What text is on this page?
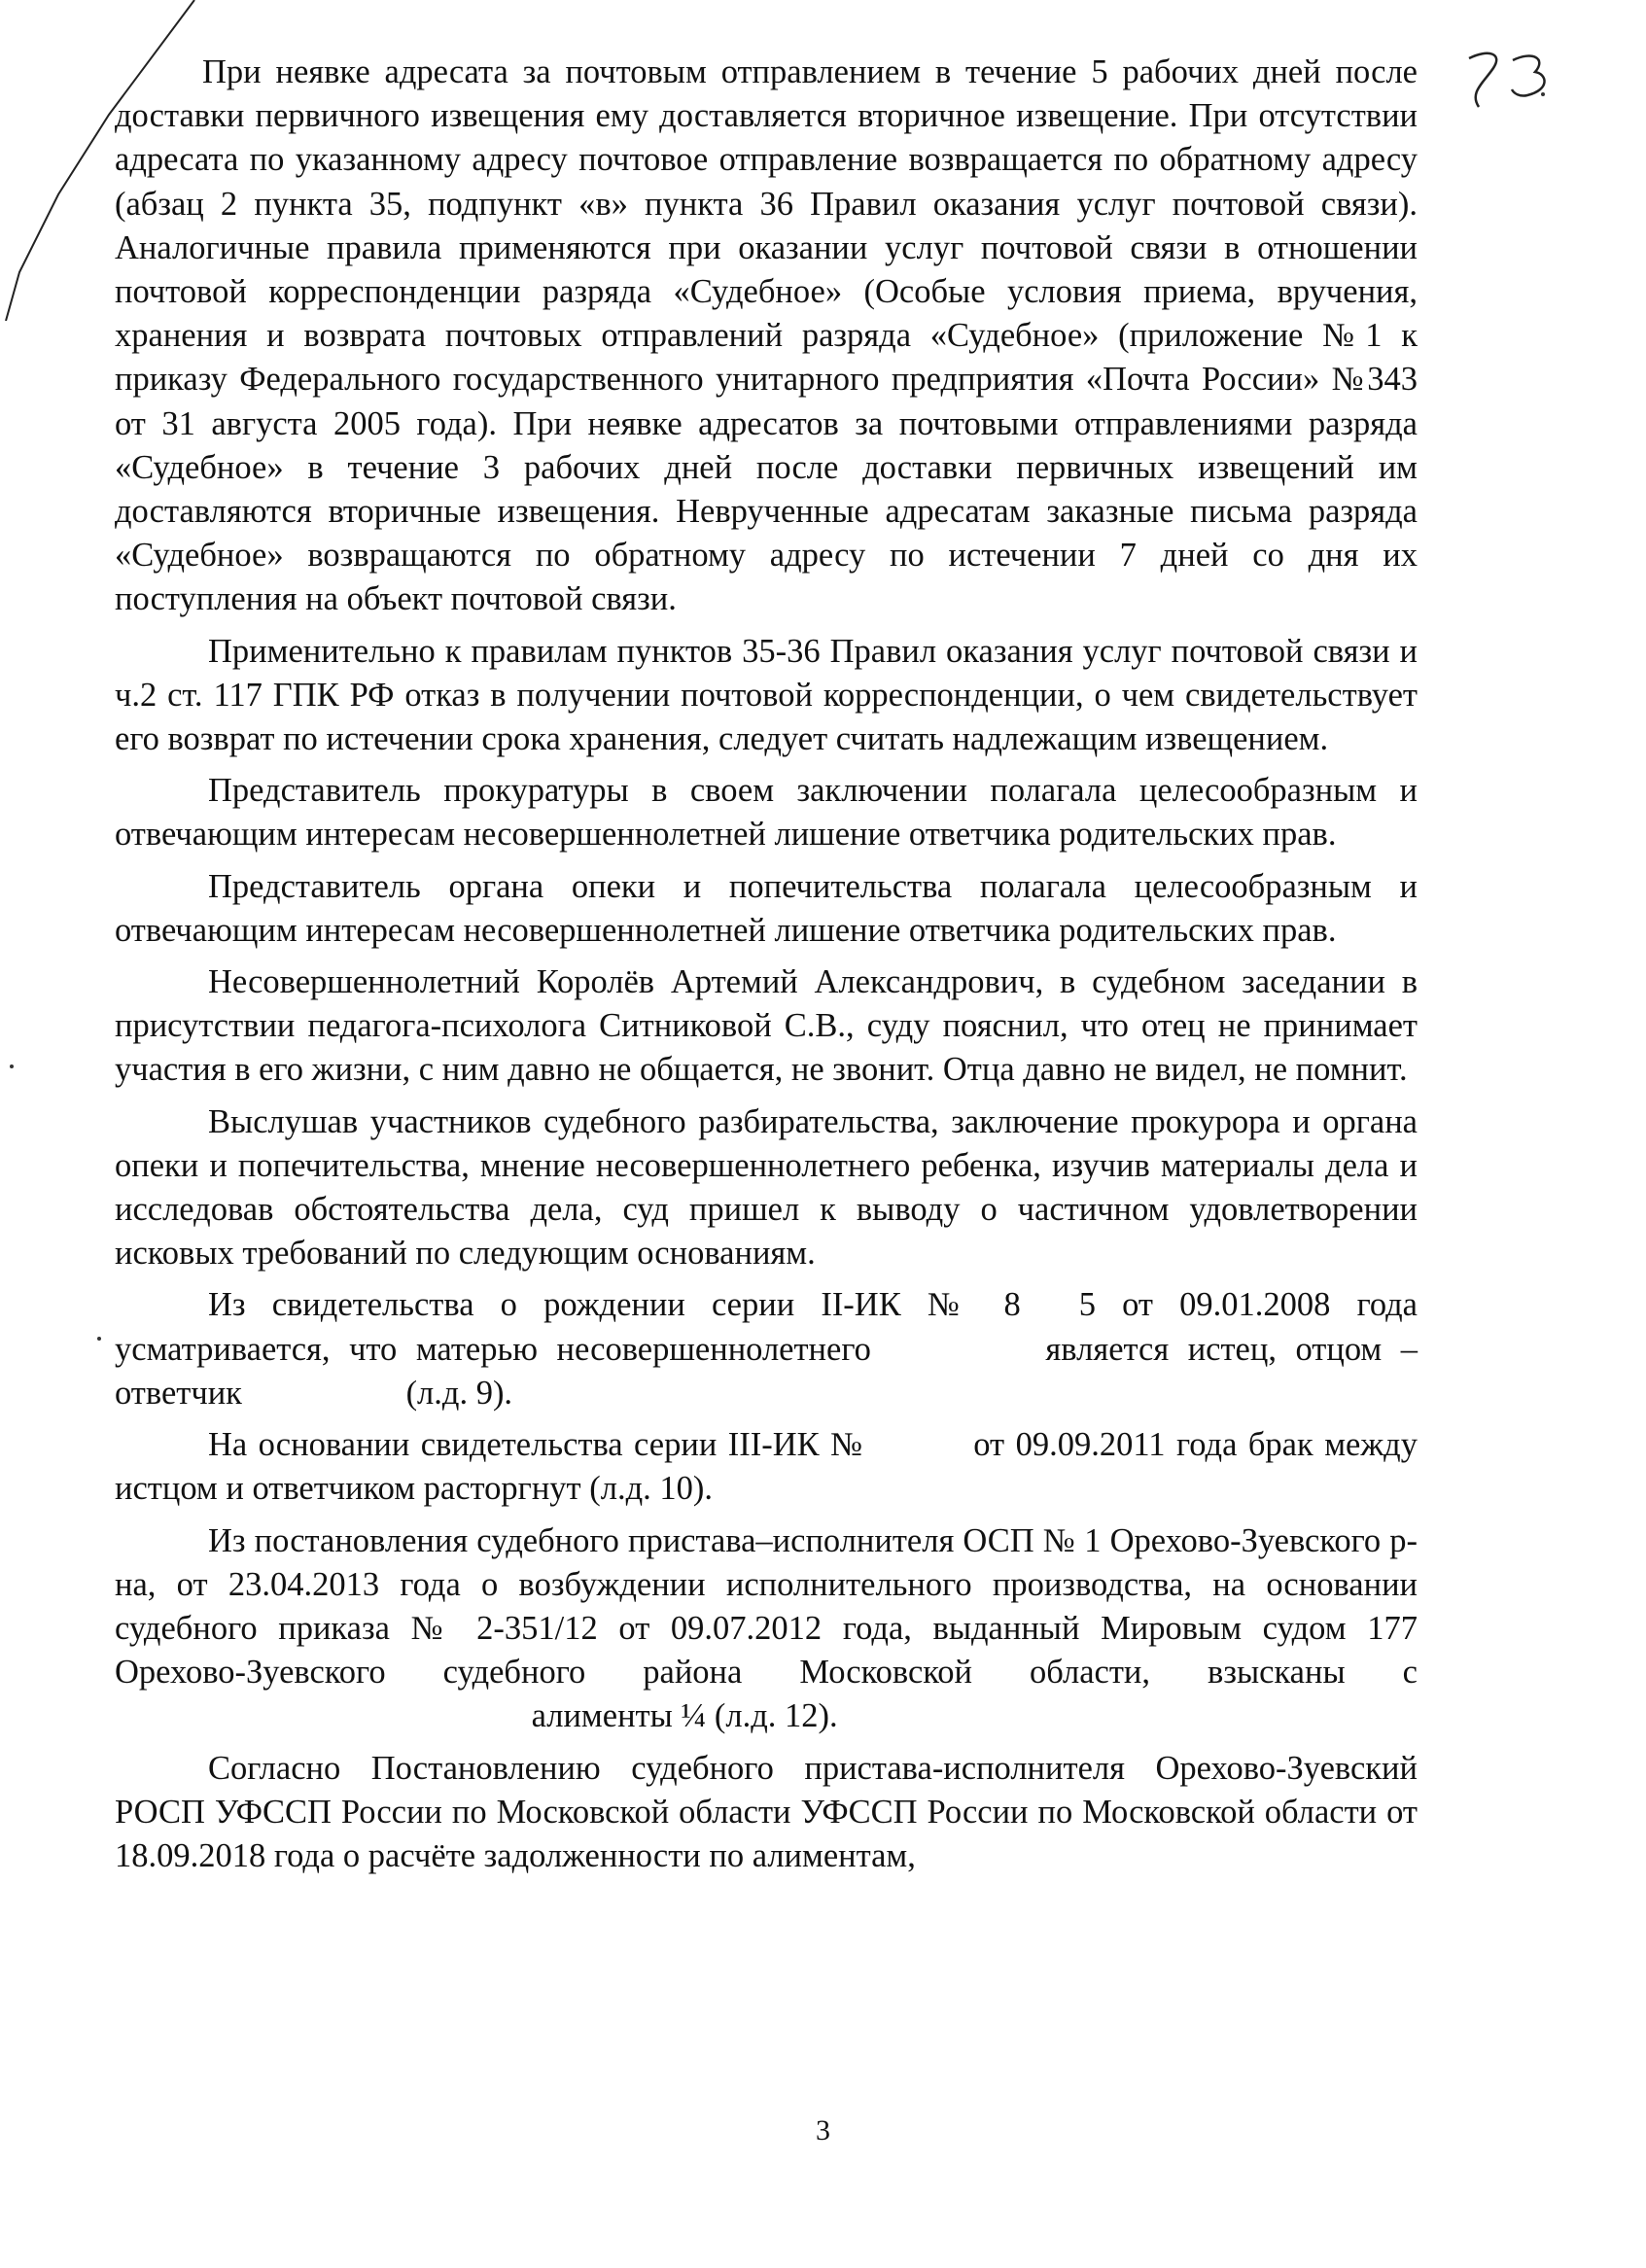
При неявке адресата за почтовым отправлением в течение 5 рабочих дней после доставки первичного извещения ему доставляется вторичное извещение. При отсутствии адресата по указанному адресу почтовое отправление возвращается по обратному адресу (абзац 2 пункта 35, подпункт «в» пункта 36 Правил оказания услуг почтовой связи). Аналогичные правила применяются при оказании услуг почтовой связи в отношении почтовой корреспонденции разряда «Судебное» (Особые условия приема, вручения, хранения и возврата почтовых отправлений разряда «Судебное» (приложение №1 к приказу Федерального государственного унитарного предприятия «Почта России» №343 от 31 августа 2005 года). При неявке адресатов за почтовыми отправлениями разряда «Судебное» в течение 3 рабочих дней после доставки первичных извещений им доставляются вторичные извещения. Неврученные адресатам заказные письма разряда «Судебное» возвращаются по обратному адресу по истечении 7 дней со дня их поступления на объект почтовой связи.

Применительно к правилам пунктов 35-36 Правил оказания услуг почтовой связи и ч.2 ст. 117 ГПК РФ отказ в получении почтовой корреспонденции, о чем свидетельствует его возврат по истечении срока хранения, следует считать надлежащим извещением.

Представитель прокуратуры в своем заключении полагала целесообразным и отвечающим интересам несовершеннолетней лишение ответчика родительских прав.

Представитель органа опеки и попечительства полагала целесообразным и отвечающим интересам несовершеннолетней лишение ответчика родительских прав.

Несовершеннолетний Королёв Артемий Александрович, в судебном заседании в присутствии педагога-психолога Ситниковой С.В., суду пояснил, что отец не принимает участия в его жизни, с ним давно не общается, не звонит. Отца давно не видел, не помнит.

Выслушав участников судебного разбирательства, заключение прокурора и органа опеки и попечительства, мнение несовершеннолетнего ребенка, изучив материалы дела и исследовав обстоятельства дела, суд пришел к выводу о частичном удовлетворении исковых требований по следующим основаниям.

Из свидетельства о рождении серии II-ИК № 8 5 от 09.01.2008 года усматривается, что матерью несовершеннолетнего	является истец, отцом – ответчик	(л.д. 9).

На основании свидетельства серии III-ИК №	от 09.09.2011 года брак между истцом и ответчиком расторгнут (л.д. 10).

Из постановления судебного пристава–исполнителя ОСП № 1 Орехово-Зуевского р-на, от 23.04.2013 года о возбуждении исполнительного производства, на основании судебного приказа № 2-351/12 от 09.07.2012 года, выданный Мировым судом 177 Орехово-Зуевского судебного района Московской области, взысканы с алименты ¼ (л.д. 12).

Согласно Постановлению судебного пристава-исполнителя Орехово-Зуевский РОСП УФССП России по Московской области УФССП России по Московской области от 18.09.2018 года о расчёте задолженности по алиментам,

3
